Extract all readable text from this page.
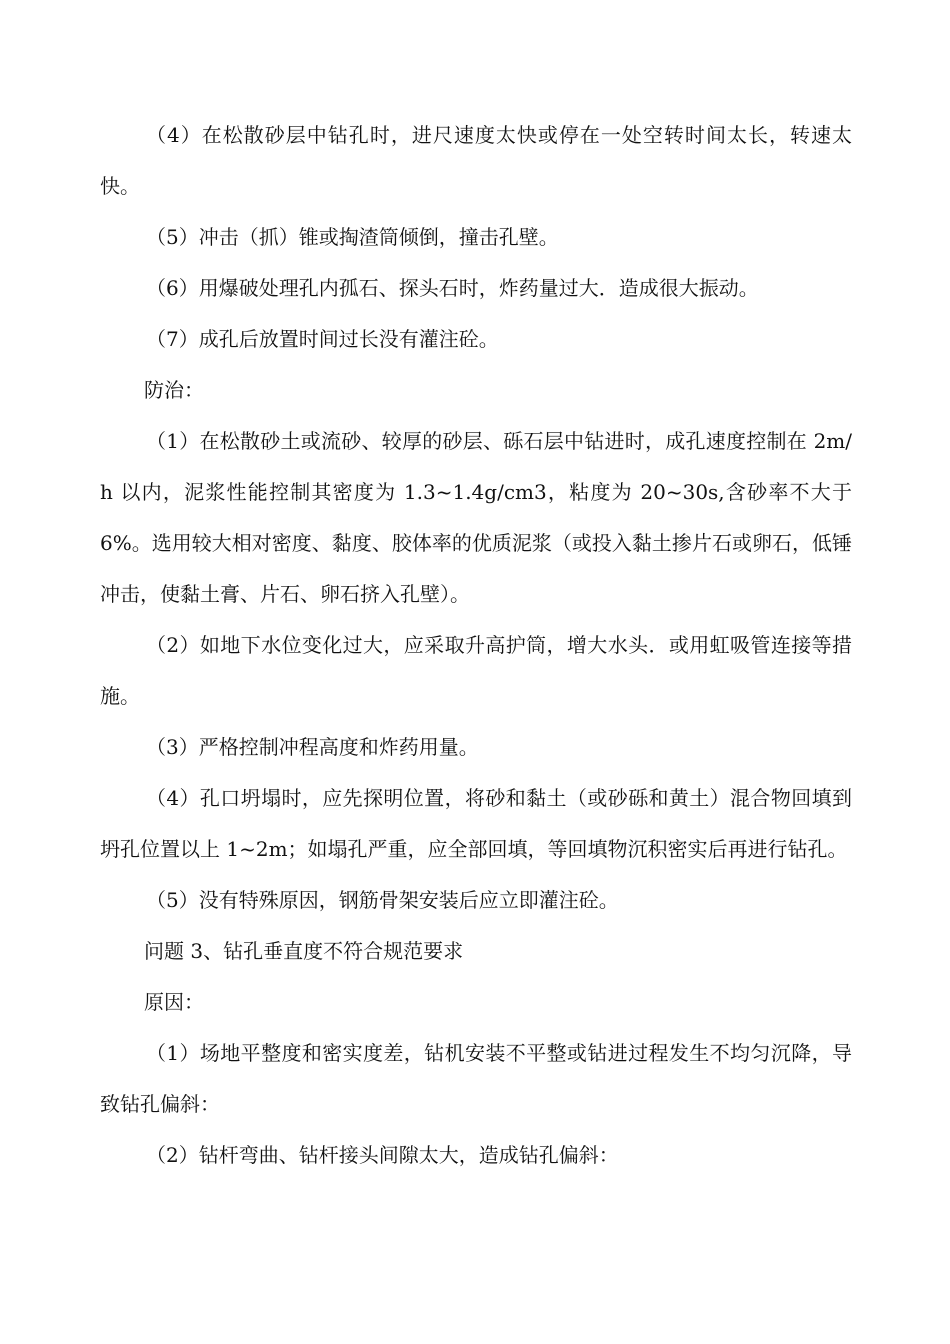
（4）在松散砂层中钻孔时，进尺速度太快或停在一处空转时间太长，转速太快。

（5）冲击（抓）锥或掏渣筒倾倒，撞击孔壁。

（6）用爆破处理孔内孤石、探头石时，炸药量过大．造成很大振动。

（7）成孔后放置时间过长没有灌注砼。

防治：

（1）在松散砂土或流砂、较厚的砂层、砾石层中钻进时，成孔速度控制在 2m/h 以内，泥浆性能控制其密度为 1.3~1.4g/cm3，粘度为 20~30s,含砂率不大于 6%。选用较大相对密度、黏度、胶体率的优质泥浆（或投入黏土掺片石或卵石，低锤冲击，使黏土膏、片石、卵石挤入孔壁）。

（2）如地下水位变化过大，应采取升高护筒，增大水头．或用虹吸管连接等措施。

（3）严格控制冲程高度和炸药用量。

（4）孔口坍塌时，应先探明位置，将砂和黏土（或砂砾和黄土）混合物回填到坍孔位置以上 1~2m；如塌孔严重，应全部回填，等回填物沉积密实后再进行钻孔。

（5）没有特殊原因，钢筋骨架安装后应立即灌注砼。

问题 3、钻孔垂直度不符合规范要求

原因：

（1）场地平整度和密实度差，钻机安装不平整或钻进过程发生不均匀沉降，导致钻孔偏斜：

（2）钻杆弯曲、钻杆接头间隙太大，造成钻孔偏斜：
